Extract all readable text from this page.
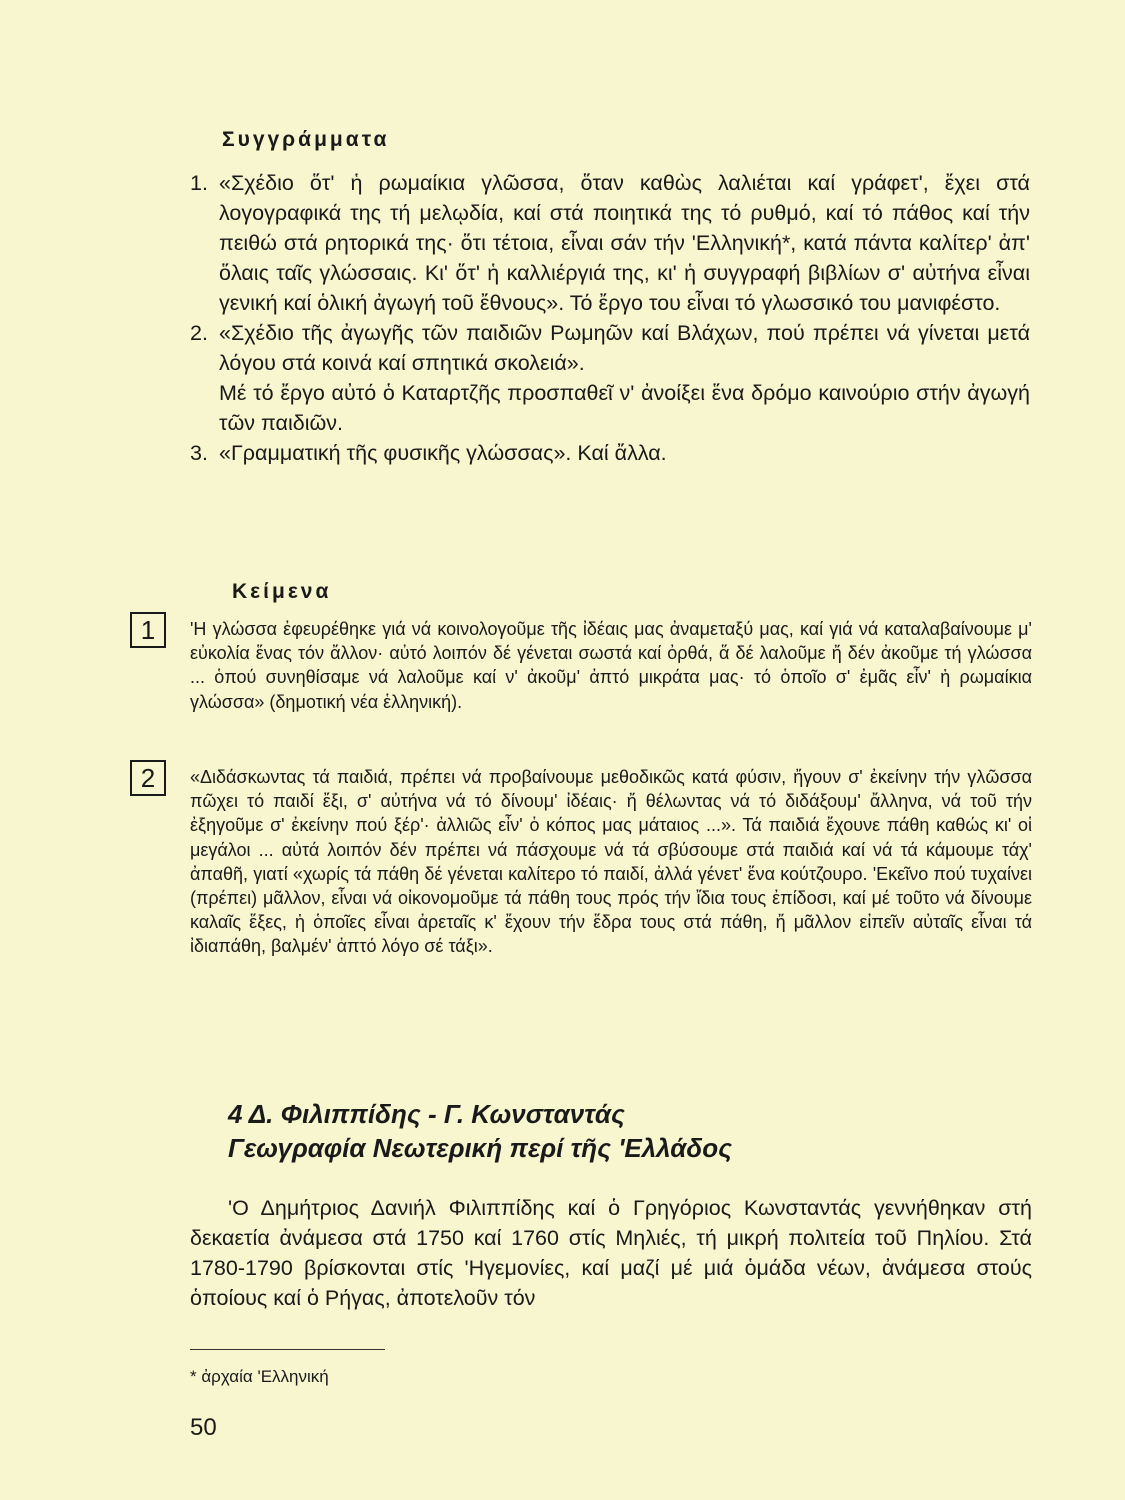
Συγγράμματα
1. «Σχέδιο ὅτ' ἡ ρωμαίκια γλῶσσα, ὅταν καθὼς λαλιέται καί γράφετ', ἔχει στά λογογραφικά της τή μελῳδία, καί στά ποιητικά της τό ρυθμό, καί τό πάθος καί τήν πειθώ στά ρητορικά της· ὅτι τέτοια, εἶναι σάν τήν 'Ελληνική*, κατά πάντα καλίτερ' ἀπ' ὅλαις ταῖς γλώσσαις. Κι' ὅτ' ἡ καλλιέργιά της, κι' ἡ συγγραφή βιβλίων σ' αὐτήνα εἶναι γενική καί ὁλική ἀγωγή τοῦ ἔθνους». Τό ἔργο του εἶναι τό γλωσσικό του μανιφέστο.
2. «Σχέδιο τῆς ἀγωγῆς τῶν παιδιῶν Ρωμηῶν καί Βλάχων, πού πρέπει νά γίνεται μετά λόγου στά κοινά καί σπητικά σκολειά».
Μέ τό ἔργο αὐτό ὁ Καταρτζῆς προσπαθεῖ ν' ἀνοίξει ἕνα δρόμο καινούριο στήν ἀγωγή τῶν παιδιῶν.
3. «Γραμματική τῆς φυσικῆς γλώσσας». Καί ἄλλα.
Κείμενα
1	'Η γλώσσα ἐφευρέθηκε γιά νά κοινολογοῦμε τῆς ἰδέαις μας ἀναμεταξύ μας, καί γιά νά καταλαβαίνουμε μ' εὐκολία ἕνας τόν ἄλλον· αὐτό λοιπόν δέ γένεται σωστά καί ὀρθά, ἅ δέ λαλοῦμε ἤ δέν ἀκοῦμε τή γλώσσα ... ὁπού συνηθίσαμε νά λαλοῦμε καί ν' ἀκοῦμ' ἀπτό μικράτα μας· τό ὁποῖο σ' ἐμᾶς εἶν' ἡ ρωμαίκια γλώσσα» (δημοτική νέα ἑλληνική).
2	«Διδάσκωντας τά παιδιά, πρέπει νά προβαίνουμε μεθοδικῶς κατά φύσιν, ἤγουν σ' ἐκείνην τήν γλῶσσα πῶχει τό παιδί ἔξι, σ' αὐτήνα νά τό δίνουμ' ἰδέαις· ἤ θέλωντας νά τό διδάξουμ' ἄλληνα, νά τοῦ τήν ἐξηγοῦμε σ' ἐκείνην πού ξέρ'· ἀλλιῶς εἶν' ὁ κόπος μας μάταιος ...». Τά παιδιά ἔχουνε πάθη καθώς κι' οἱ μεγάλοι ... αὐτά λοιπόν δέν πρέπει νά πάσχουμε νά τά σβύσουμε στά παιδιά καί νά τά κάμουμε τάχ' ἀπαθῆ, γιατί «χωρίς τά πάθη δέ γένεται καλίτερο τό παιδί, ἀλλά γένετ' ἕνα κούτζουρο. 'Εκεῖνο πού τυχαίνει (πρέπει) μᾶλλον, εἶναι νά οἰκονομοῦμε τά πάθη τους πρός τήν ἴδια τους ἐπίδοσι, καί μέ τοῦτο νά δίνουμε καλαῖς ἕξες, ἡ ὁποῖες εἶναι ἀρεταῖς κ' ἔχουν τήν ἕδρα τους στά πάθη, ἤ μᾶλλον εἰπεῖν αὐταῖς εἶναι τά ἰδιαπάθη, βαλμέν' ἀπτό λόγο σέ τάξι».
4 Δ. Φιλιππίδης - Γ. Κωνσταντάς
Γεωγραφία Νεωτερική περί τῆς 'Ελλάδος
'Ο Δημήτριος Δανιήλ Φιλιππίδης καί ὁ Γρηγόριος Κωνσταντάς γεννήθηκαν στή δεκαετία ἀνάμεσα στά 1750 καί 1760 στίς Μηλιές, τή μικρή πολιτεία τοῦ Πηλίου. Στά 1780-1790 βρίσκονται στίς 'Ηγεμονίες, καί μαζί μέ μιά ὁμάδα νέων, ἀνάμεσα στούς ὁποίους καί ὁ Ρήγας, ἀποτελοῦν τόν
* ἀρχαία 'Ελληνική
50
